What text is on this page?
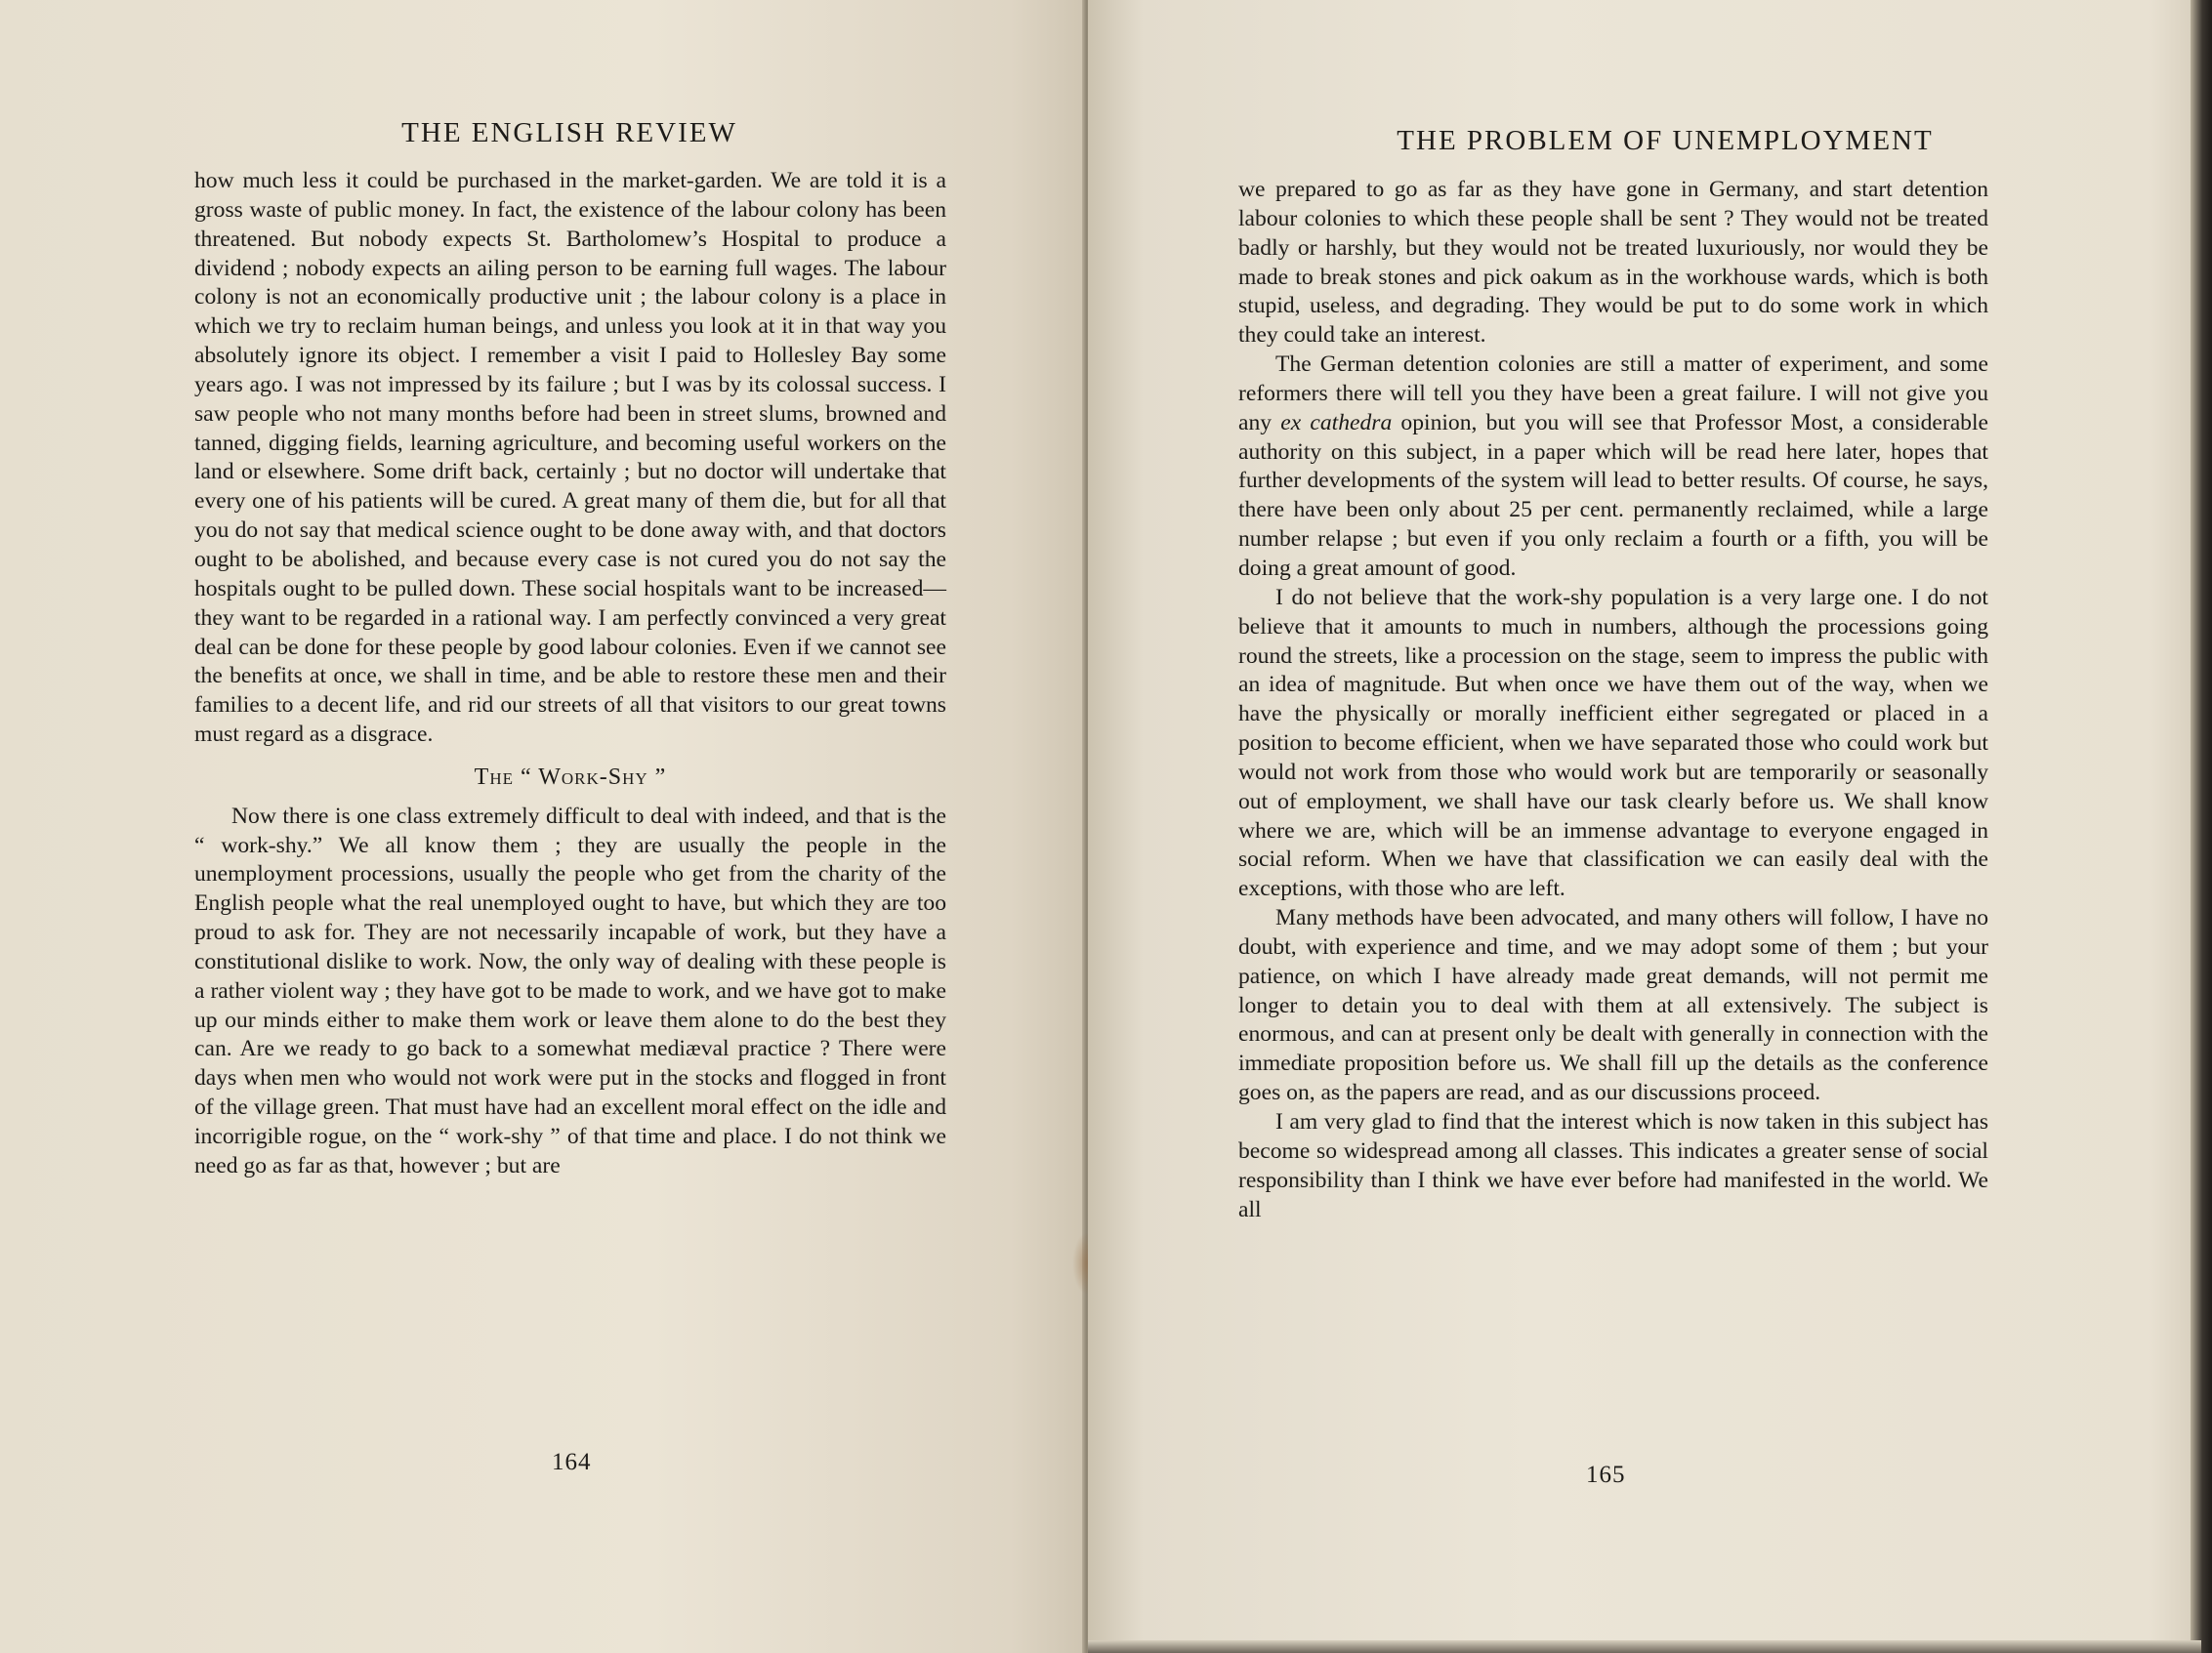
THE ENGLISH REVIEW

how much less it could be purchased in the market-garden. We are told it is a gross waste of public money. In fact, the existence of the labour colony has been threatened. But nobody expects St. Bartholomew’s Hospital to produce a dividend ; nobody expects an ailing person to be earning full wages. The labour colony is not an economically productive unit ; the labour colony is a place in which we try to reclaim human beings, and unless you look at it in that way you absolutely ignore its object. I remember a visit I paid to Hollesley Bay some years ago. I was not impressed by its failure ; but I was by its colossal success. I saw people who not many months before had been in street slums, browned and tanned, digging fields, learning agriculture, and becoming useful workers on the land or elsewhere. Some drift back, certainly ; but no doctor will undertake that every one of his patients will be cured. A great many of them die, but for all that you do not say that medical science ought to be done away with, and that doctors ought to be abolished, and because every case is not cured you do not say the hospitals ought to be pulled down. These social hospitals want to be increased—they want to be regarded in a rational way. I am perfectly convinced a very great deal can be done for these people by good labour colonies. Even if we cannot see the benefits at once, we shall in time, and be able to restore these men and their families to a decent life, and rid our streets of all that visitors to our great towns must regard as a disgrace.

The “ Work-Shy ”

Now there is one class extremely difficult to deal with indeed, and that is the “ work-shy.” We all know them ; they are usually the people in the unemployment processions, usually the people who get from the charity of the English people what the real unemployed ought to have, but which they are too proud to ask for. They are not necessarily incapable of work, but they have a constitutional dislike to work. Now, the only way of dealing with these people is a rather violent way ; they have got to be made to work, and we have got to make up our minds either to make them work or leave them alone to do the best they can. Are we ready to go back to a somewhat mediæval practice ? There were days when men who would not work were put in the stocks and flogged in front of the village green. That must have had an excellent moral effect on the idle and incorrigible rogue, on the “ work-shy ” of that time and place. I do not think we need go as far as that, however ; but are

164
THE PROBLEM OF UNEMPLOYMENT

we prepared to go as far as they have gone in Germany, and start detention labour colonies to which these people shall be sent ? They would not be treated badly or harshly, but they would not be treated luxuriously, nor would they be made to break stones and pick oakum as in the workhouse wards, which is both stupid, useless, and degrading. They would be put to do some work in which they could take an interest.

The German detention colonies are still a matter of experiment, and some reformers there will tell you they have been a great failure. I will not give you any ex cathedra opinion, but you will see that Professor Most, a considerable authority on this subject, in a paper which will be read here later, hopes that further developments of the system will lead to better results. Of course, he says, there have been only about 25 per cent. permanently reclaimed, while a large number relapse ; but even if you only reclaim a fourth or a fifth, you will be doing a great amount of good.

I do not believe that the work-shy population is a very large one. I do not believe that it amounts to much in numbers, although the processions going round the streets, like a procession on the stage, seem to impress the public with an idea of magnitude. But when once we have them out of the way, when we have the physically or morally inefficient either segregated or placed in a position to become efficient, when we have separated those who could work but would not work from those who would work but are temporarily or seasonally out of employment, we shall have our task clearly before us. We shall know where we are, which will be an immense advantage to everyone engaged in social reform. When we have that classification we can easily deal with the exceptions, with those who are left.

Many methods have been advocated, and many others will follow, I have no doubt, with experience and time, and we may adopt some of them ; but your patience, on which I have already made great demands, will not permit me longer to detain you to deal with them at all extensively. The subject is enormous, and can at present only be dealt with generally in connection with the immediate proposition before us. We shall fill up the details as the conference goes on, as the papers are read, and as our discussions proceed.

I am very glad to find that the interest which is now taken in this subject has become so widespread among all classes. This indicates a greater sense of social responsibility than I think we have ever before had manifested in the world. We all

165
